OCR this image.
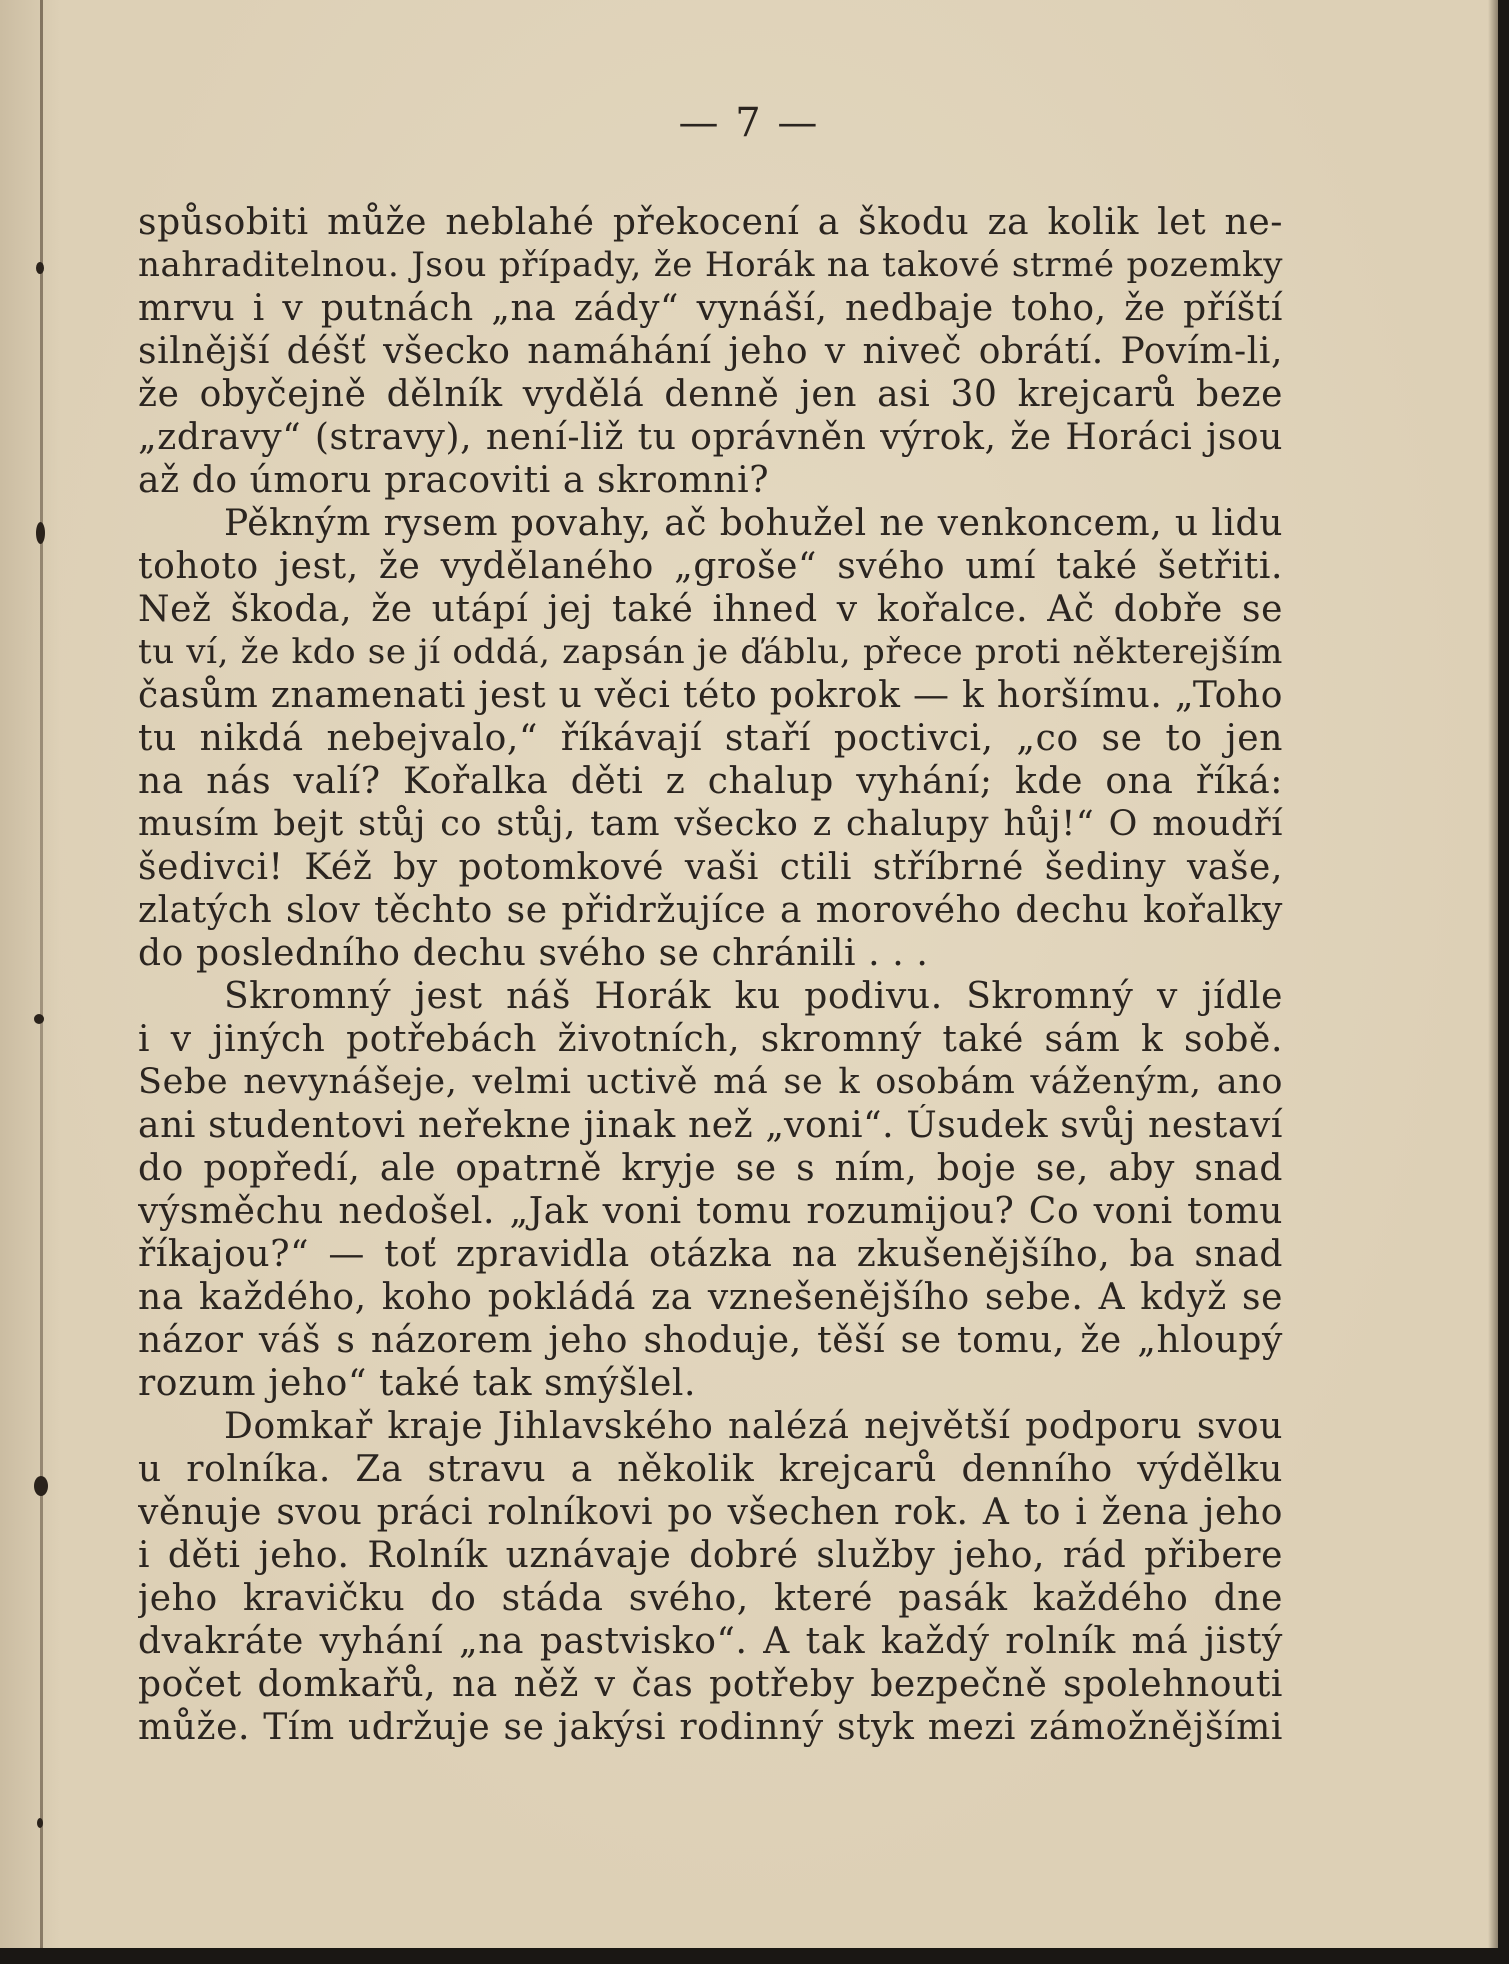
— 7 —
spůsobiti může neblahé překocení a škodu za kolik let ne-
nahraditelnou. Jsou případy, že Horák na takové strmé pozemky
mrvu i v putnách „na zády“ vynáší, nedbaje toho, že příští
silnější déšť všecko namáhání jeho v niveč obrátí. Povím-li,
že obyčejně dělník vydělá denně jen asi 30 krejcarů beze
„zdravy“ (stravy), není-liž tu oprávněn výrok, že Horáci jsou
až do úmoru pracoviti a skromni?
Pěkným rysem povahy, ač bohužel ne venkoncem, u lidu
tohoto jest, že vydělaného „groše“ svého umí také šetřiti.
Než škoda, že utápí jej také ihned v kořalce. Ač dobře se
tu ví, že kdo se jí oddá, zapsán je ďáblu, přece proti některejším
časům znamenati jest u věci této pokrok — k horšímu. „Toho
tu nikdá nebejvalo,“ říkávají staří poctivci, „co se to jen
na nás valí? Kořalka děti z chalup vyhání; kde ona říká:
musím bejt stůj co stůj, tam všecko z chalupy hůj!“ O moudří
šedivci! Kéž by potomkové vaši ctili stříbrné šediny vaše,
zlatých slov těchto se přidržujíce a morového dechu kořalky
do posledního dechu svého se chránili . . .
Skromný jest náš Horák ku podivu. Skromný v jídle
i v jiných potřebách životních, skromný také sám k sobě.
Sebe nevynášeje, velmi uctivě má se k osobám váženým, ano
ani studentovi neřekne jinak než „voni“. Úsudek svůj nestaví
do popředí, ale opatrně kryje se s ním, boje se, aby snad
výsměchu nedošel. „Jak voni tomu rozumijou? Co voni tomu
říkajou?“ — toť zpravidla otázka na zkušenějšího, ba snad
na každého, koho pokládá za vznešenějšího sebe. A když se
názor váš s názorem jeho shoduje, těší se tomu, že „hloupý
rozum jeho“ také tak smýšlel.
Domkař kraje Jihlavského nalézá největší podporu svou
u rolníka. Za stravu a několik krejcarů denního výdělku
věnuje svou práci rolníkovi po všechen rok. A to i žena jeho
i děti jeho. Rolník uznávaje dobré služby jeho, rád přibere
jeho kravičku do stáda svého, které pasák každého dne
dvakráte vyhání „na pastvisko“. A tak každý rolník má jistý
počet domkařů, na něž v čas potřeby bezpečně spolehnouti
může. Tím udržuje se jakýsi rodinný styk mezi zámožnějšími
